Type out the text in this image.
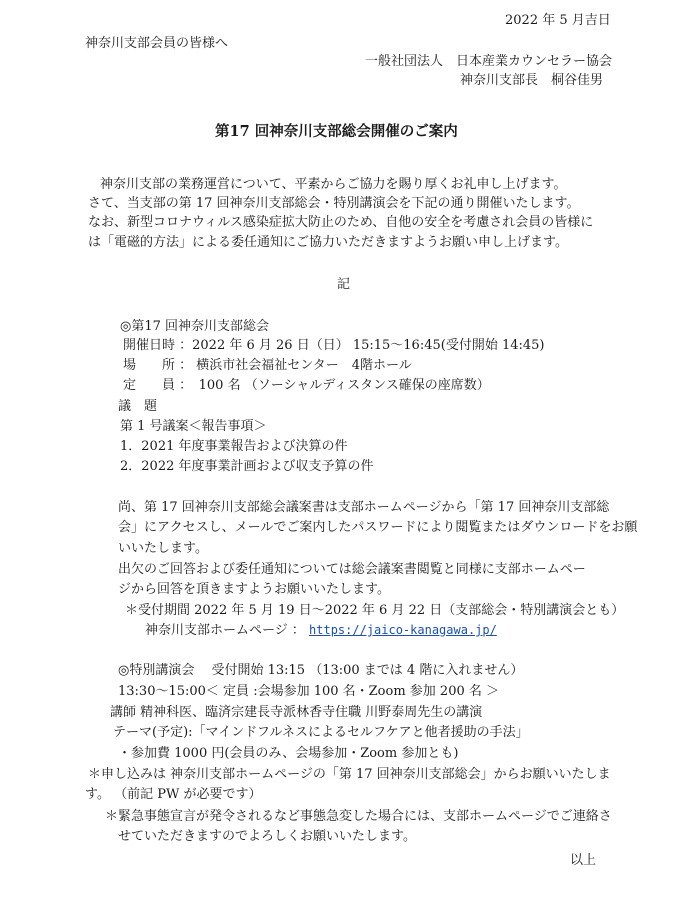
2022 年 5 月吉日
神奈川支部会員の皆様へ
一般社団法人　日本産業カウンセラー協会
神奈川支部長　桐谷佳男
第17 回神奈川支部総会開催のご案内
神奈川支部の業務運営について、平素からご協力を賜り厚くお礼申し上げます。
さて、当支部の第 17 回神奈川支部総会・特別講演会を下記の通り開催いたします。
なお、新型コロナウィルス感染症拡大防止のため、自他の安全を考慮され会員の皆様に
は「電磁的方法」による委任通知にご協力いただきますようお願い申し上げます。
記
◎第17 回神奈川支部総会
開催日時 ：2022 年 6 月 26 日（日） 15:15～16:45(受付開始 14:45)
場　　所 ： 横浜市社会福祉センター　4階ホール
定　　員 ：　100 名 （ソーシャルディスタンス確保の座席数）
議　題
第 1 号議案＜報告事項＞
1．2021 年度事業報告および決算の件
2．2022 年度事業計画および収支予算の件
尚、第 17 回神奈川支部総会議案書は支部ホームページから「第 17 回神奈川支部総
会」にアクセスし、メールでご案内したパスワードにより閲覧またはダウンロードをお願
いいたします。
出欠のご回答および委任通知については総会議案書閲覧と同様に支部ホームペー
ジから回答を頂きますようお願いいたします。
＊受付期間 2022 年 5 月 19 日～2022 年 6 月 22 日（支部総会・特別講演会とも）
神奈川支部ホームページ ： https://jaico-kanagawa.jp/
◎特別講演会　 受付開始 13:15 （13:00 までは 4 階に入れません）
13:30～15:00＜ 定員 :会場参加 100 名・Zoom 参加 200 名 ＞
講師 精神科医、臨済宗建長寺派林香寺住職 川野泰周先生の講演
テーマ(予定):「マインドフルネスによるセルフケアと他者援助の手法」
・参加費 1000 円(会員のみ、会場参加・Zoom 参加とも)
＊申し込みは 神奈川支部ホームページの「第 17 回神奈川支部総会」からお願いいたしま
す。 （前記 PW が必要です）
＊緊急事態宣言が発令されるなど事態急変した場合には、支部ホームページでご連絡さ
せていただきますのでよろしくお願いいたします。
以上
